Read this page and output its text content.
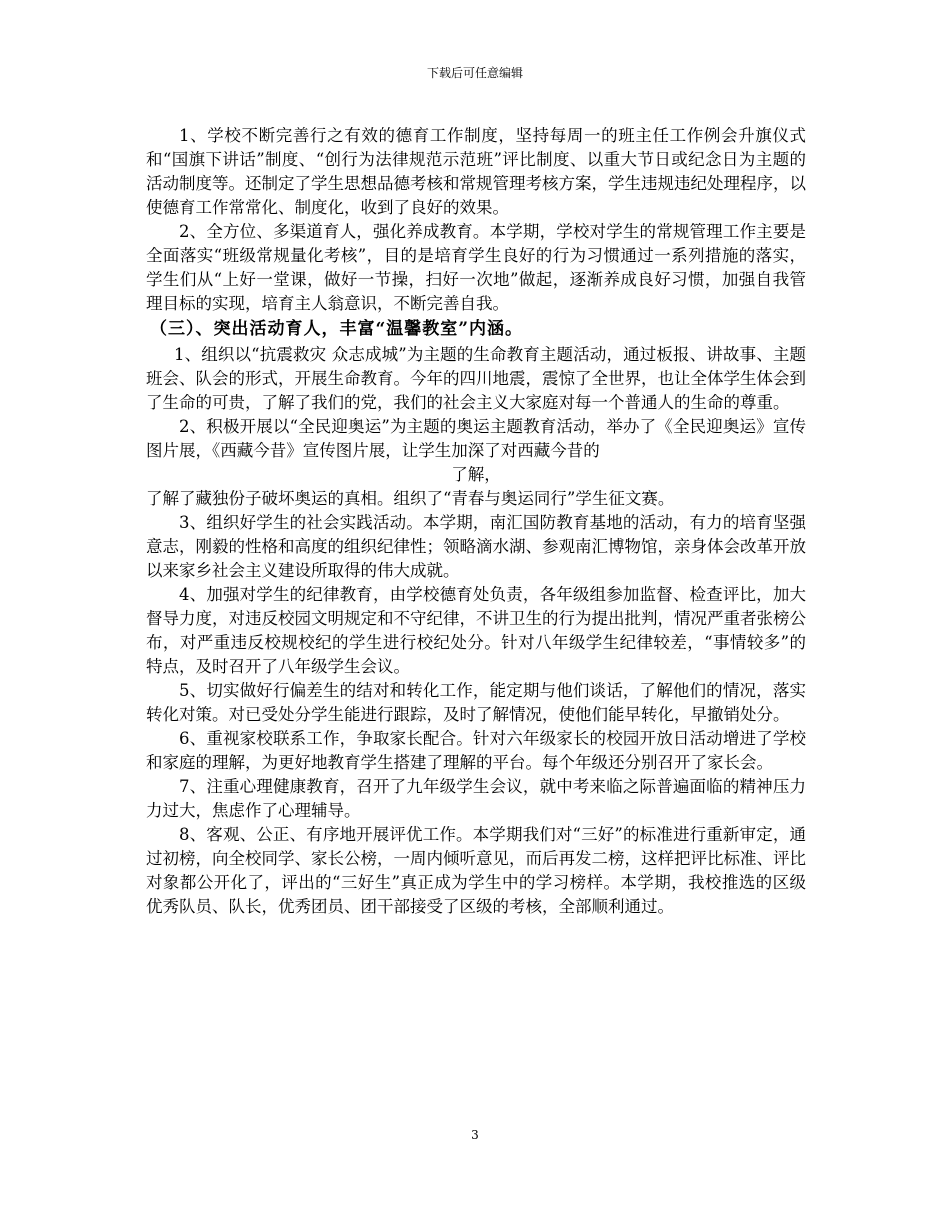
下载后可任意编辑

1、学校不断完善行之有效的德育工作制度，坚持每周一的班主任工作例会升旗仪式和“国旗下讲话”制度、“创行为法律规范示范班”评比制度、以重大节日或纪念日为主题的活动制度等。还制定了学生思想品德考核和常规管理考核方案，学生违规违纪处理程序，以使德育工作常常化、制度化，收到了良好的效果。

2、全方位、多渠道育人，强化养成教育。本学期，学校对学生的常规管理工作主要是全面落实“班级常规量化考核”，目的是培育学生良好的行为习惯通过一系列措施的落实，学生们从“上好一堂课，做好一节操，扫好一次地”做起，逐渐养成良好习惯，加强自我管理目标的实现，培育主人翁意识，不断完善自我。

（三）、突出活动育人，丰富“温馨教室”内涵。

1、组织以“抗震救灾 众志成城”为主题的生命教育主题活动，通过板报、讲故事、主题班会、队会的形式，开展生命教育。今年的四川地震，震惊了全世界，也让全体学生体会到了生命的可贵，了解了我们的党，我们的社会主义大家庭对每一个普通人的生命的尊重。

2、积极开展以“全民迎奥运”为主题的奥运主题教育活动，举办了《全民迎奥运》宣传图片展，《西藏今昔》宣传图片展，让学生加深了对西藏今昔的

了解，

了解了藏独份子破坏奥运的真相。组织了“青春与奥运同行”学生征文赛。

3、组织好学生的社会实践活动。本学期，南汇国防教育基地的活动，有力的培育坚强意志，刚毅的性格和高度的组织纪律性；领略滴水湖、参观南汇博物馆，亲身体会改革开放以来家乡社会主义建设所取得的伟大成就。

4、加强对学生的纪律教育，由学校德育处负责，各年级组参加监督、检查评比，加大督导力度，对违反校园文明规定和不守纪律，不讲卫生的行为提出批判，情况严重者张榜公布，对严重违反校规校纪的学生进行校纪处分。针对八年级学生纪律较差，“事情较多”的特点，及时召开了八年级学生会议。

5、切实做好行偏差生的结对和转化工作，能定期与他们谈话，了解他们的情况，落实转化对策。对已受处分学生能进行跟踪，及时了解情况，使他们能早转化，早撤销处分。

6、重视家校联系工作，争取家长配合。针对六年级家长的校园开放日活动增进了学校和家庭的理解，为更好地教育学生搭建了理解的平台。每个年级还分别召开了家长会。

7、注重心理健康教育，召开了九年级学生会议，就中考来临之际普遍面临的精神压力力过大，焦虑作了心理辅导。

8、客观、公正、有序地开展评优工作。本学期我们对“三好”的标准进行重新审定，通过初榜，向全校同学、家长公榜，一周内倾听意见，而后再发二榜，这样把评比标准、评比对象都公开化了，评出的“三好生”真正成为学生中的学习榜样。本学期，我校推选的区级优秀队员、队长，优秀团员、团干部接受了区级的考核，全部顺利通过。

3
